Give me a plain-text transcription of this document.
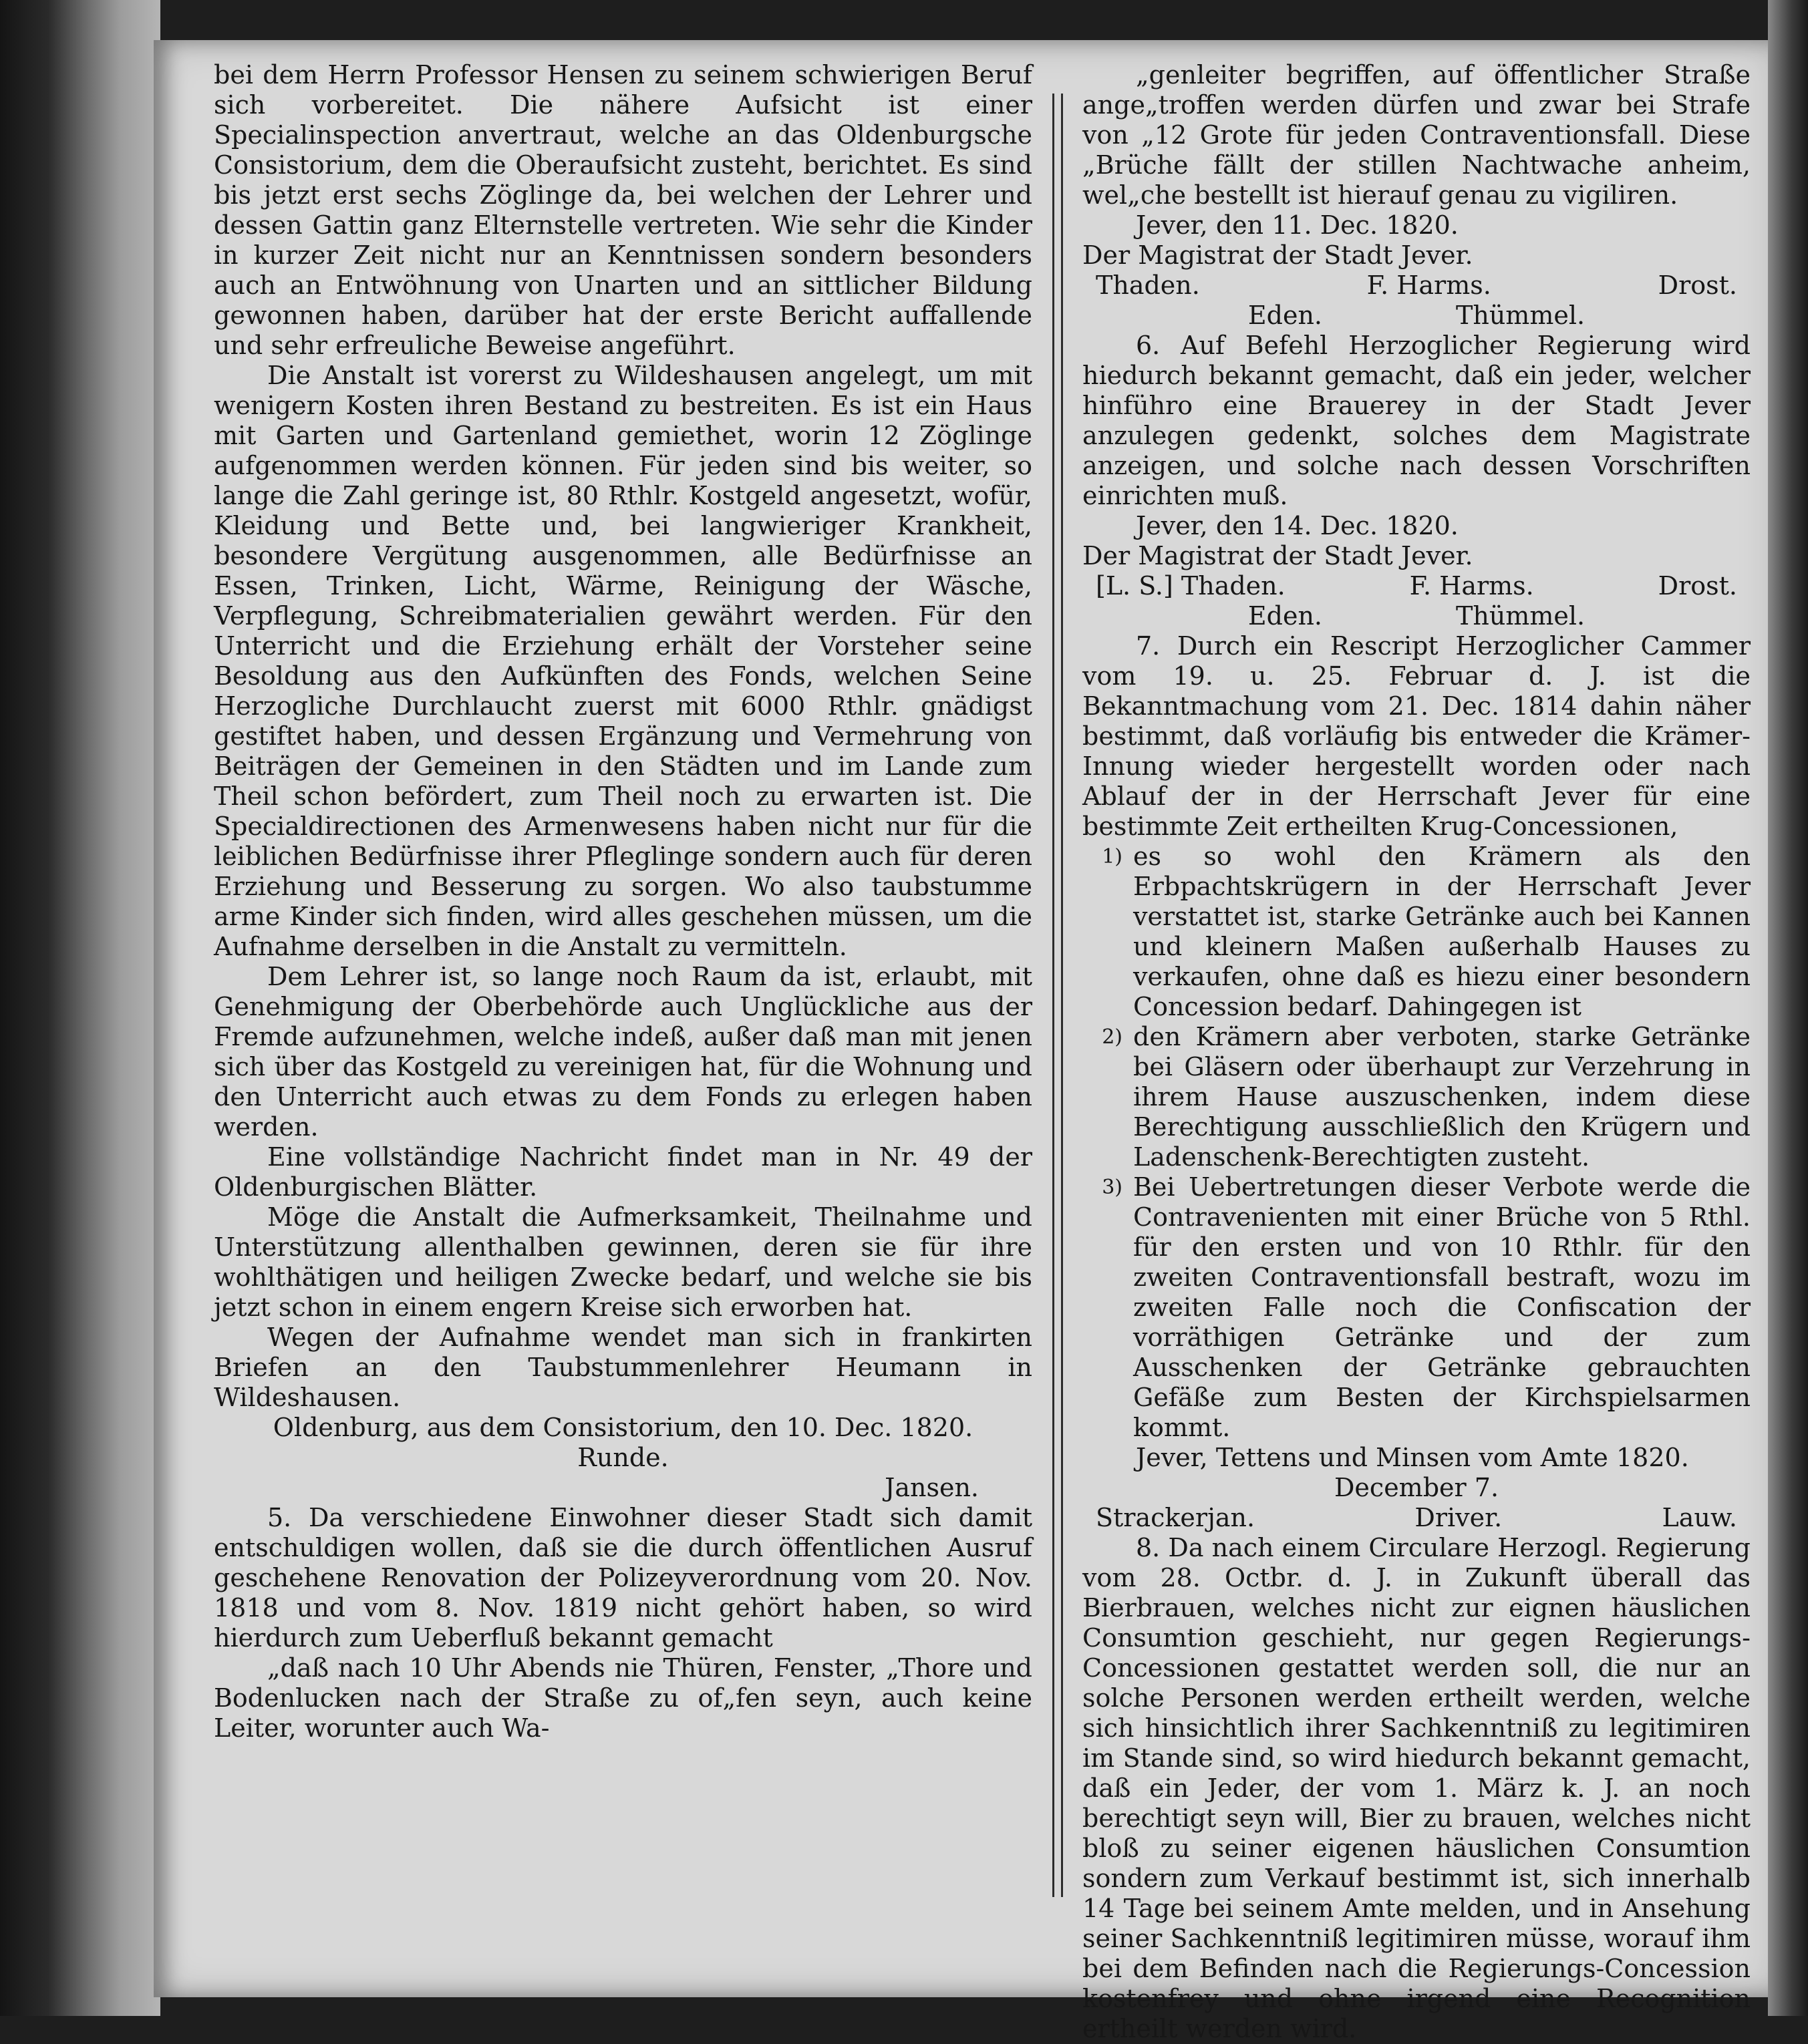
bei dem Herrn Professor Hensen zu seinem schwierigen Beruf sich vorbereitet. Die nähere Aufsicht ist einer Specialinspection anvertraut, welche an das Oldenburgsche Consistorium, dem die Oberaufsicht zusteht, berichtet. Es sind bis jetzt erst sechs Zöglinge da, bei welchen der Lehrer und dessen Gattin ganz Elternstelle vertreten. Wie sehr die Kinder in kurzer Zeit nicht nur an Kenntnissen sondern besonders auch an Entwöhnung von Unarten und an sittlicher Bildung gewonnen haben, darüber hat der erste Bericht auffallende und sehr erfreuliche Beweise angeführt.

Die Anstalt ist vorerst zu Wildeshausen angelegt, um mit wenigern Kosten ihren Bestand zu bestreiten. Es ist ein Haus mit Garten und Gartenland gemiethet, worin 12 Zöglinge aufgenommen werden können. Für jeden sind bis weiter, so lange die Zahl geringe ist, 80 Rthlr. Kostgeld angesetzt, wofür, Kleidung und Bette und, bei langwieriger Krankheit, besondere Vergütung ausgenommen, alle Bedürfnisse an Essen, Trinken, Licht, Wärme, Reinigung der Wäsche, Verpflegung, Schreibmaterialien gewährt werden. Für den Unterricht und die Erziehung erhält der Vorsteher seine Besoldung aus den Aufkünften des Fonds, welchen Seine Herzogliche Durchlaucht zuerst mit 6000 Rthlr. gnädigst gestiftet haben, und dessen Ergänzung und Vermehrung von Beiträgen der Gemeinen in den Städten und im Lande zum Theil schon befördert, zum Theil noch zu erwarten ist. Die Specialdirectionen des Armenwesens haben nicht nur für die leiblichen Bedürfnisse ihrer Pfleglinge sondern auch für deren Erziehung und Besserung zu sorgen. Wo also taubstumme arme Kinder sich finden, wird alles geschehen müssen, um die Aufnahme derselben in die Anstalt zu vermitteln.

Dem Lehrer ist, so lange noch Raum da ist, erlaubt, mit Genehmigung der Oberbehörde auch Unglückliche aus der Fremde aufzunehmen, welche indeß, außer daß man mit jenen sich über das Kostgeld zu vereinigen hat, für die Wohnung und den Unterricht auch etwas zu dem Fonds zu erlegen haben werden.

Eine vollständige Nachricht findet man in Nr. 49 der Oldenburgischen Blätter.

Möge die Anstalt die Aufmerksamkeit, Theilnahme und Unterstützung allenthalben gewinnen, deren sie für ihre wohlthätigen und heiligen Zwecke bedarf, und welche sie bis jetzt schon in einem engern Kreise sich erworben hat.

Wegen der Aufnahme wendet man sich in frankirten Briefen an den Taubstummenlehrer Heumann in Wildeshausen.

Oldenburg, aus dem Consistorium, den 10. Dec. 1820.

Runde.

Jansen.

5. Da verschiedene Einwohner dieser Stadt sich damit entschuldigen wollen, daß sie die durch öffentlichen Ausruf geschehene Renovation der Polizeyverordnung vom 20. Nov. 1818 und vom 8. Nov. 1819 nicht gehört haben, so wird hierdurch zum Ueberfluß bekannt gemacht

„daß nach 10 Uhr Abends nie Thüren, Fenster, „Thore und Bodenlucken nach der Straße zu of„fen seyn, auch keine Leiter, worunter auch Wa-

„genleiter begriffen, auf öffentlicher Straße ange„troffen werden dürfen und zwar bei Strafe von „12 Grote für jeden Contraventionsfall. Diese „Brüche fällt der stillen Nachtwache anheim, wel„che bestellt ist hierauf genau zu vigiliren.

Jever, den 11. Dec. 1820.

Der Magistrat der Stadt Jever.

Thaden.	F. Harms.	Drost.
Eden.	Thümmel.

6. Auf Befehl Herzoglicher Regierung wird hiedurch bekannt gemacht, daß ein jeder, welcher hinführo eine Brauerey in der Stadt Jever anzulegen gedenkt, solches dem Magistrate anzeigen, und solche nach dessen Vorschriften einrichten muß.

Jever, den 14. Dec. 1820.

Der Magistrat der Stadt Jever.

[L. S.] Thaden.	F. Harms.	Drost.
Eden.	Thümmel.

7. Durch ein Rescript Herzoglicher Cammer vom 19. u. 25. Februar d. J. ist die Bekanntmachung vom 21. Dec. 1814 dahin näher bestimmt, daß vorläufig bis entweder die Krämer-Innung wieder hergestellt worden oder nach Ablauf der in der Herrschaft Jever für eine bestimmte Zeit ertheilten Krug-Concessionen,

1) es so wohl den Krämern als den Erbpachtskrügern in der Herrschaft Jever verstattet ist, starke Getränke auch bei Kannen und kleinern Maßen außerhalb Hauses zu verkaufen, ohne daß es hiezu einer besondern Concession bedarf. Dahingegen ist
2) den Krämern aber verboten, starke Getränke bei Gläsern oder überhaupt zur Verzehrung in ihrem Hause auszuschenken, indem diese Berechtigung ausschließlich den Krügern und Ladenschenk-Berechtigten zusteht.
3) Bei Uebertretungen dieser Verbote werde die Contravenienten mit einer Brüche von 5 Rthl. für den ersten und von 10 Rthlr. für den zweiten Contraventionsfall bestraft, wozu im zweiten Falle noch die Confiscation der vorräthigen Getränke und der zum Ausschenken der Getränke gebrauchten Gefäße zum Besten der Kirchspielsarmen kommt.

Jever, Tettens und Minsen vom Amte 1820.

December 7.

Strackerjan.	Driver.	Lauw.

8. Da nach einem Circulare Herzogl. Regierung vom 28. Octbr. d. J. in Zukunft überall das Bierbrauen, welches nicht zur eignen häuslichen Consumtion geschieht, nur gegen Regierungs-Concessionen gestattet werden soll, die nur an solche Personen werden ertheilt werden, welche sich hinsichtlich ihrer Sachkenntniß zu legitimiren im Stande sind, so wird hiedurch bekannt gemacht, daß ein Jeder, der vom 1. März k. J. an noch berechtigt seyn will, Bier zu brauen, welches nicht bloß zu seiner eigenen häuslichen Consumtion sondern zum Verkauf bestimmt ist, sich innerhalb 14 Tage bei seinem Amte melden, und in Ansehung seiner Sachkenntniß legitimiren müsse, worauf ihm bei dem Befinden nach die Regierungs-Concession kostenfrey und ohne irgend eine Recognition ertheilt werden wird.
